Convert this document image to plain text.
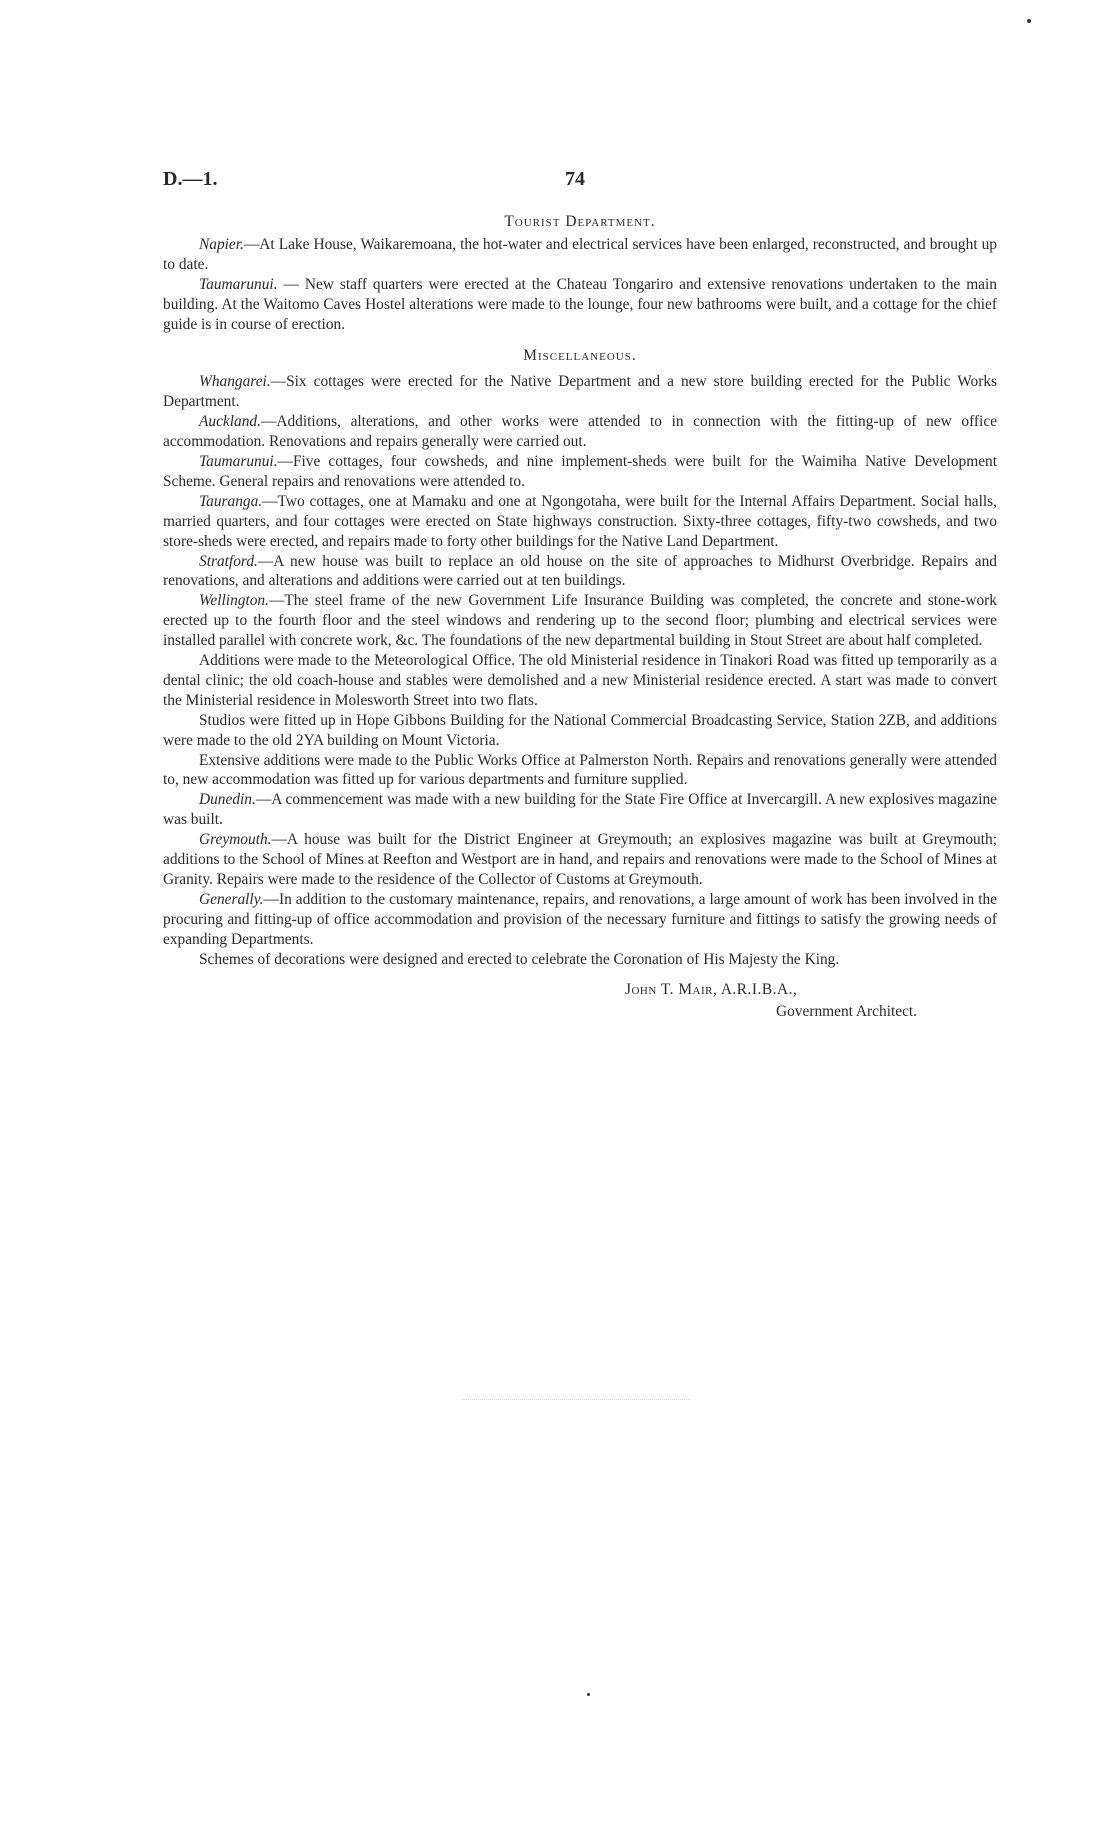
D.—1.	74

Tourist Department.

Napier.—At Lake House, Waikaremoana, the hot-water and electrical services have been enlarged, reconstructed, and brought up to date.

Taumarunui. — New staff quarters were erected at the Chateau Tongariro and extensive renovations undertaken to the main building. At the Waitomo Caves Hostel alterations were made to the lounge, four new bathrooms were built, and a cottage for the chief guide is in course of erection.

Miscellaneous.

Whangarei.—Six cottages were erected for the Native Department and a new store building erected for the Public Works Department.

Auckland.—Additions, alterations, and other works were attended to in connection with the fitting-up of new office accommodation. Renovations and repairs generally were carried out.

Taumarunui.—Five cottages, four cowsheds, and nine implement-sheds were built for the Waimiha Native Development Scheme. General repairs and renovations were attended to.

Tauranga.—Two cottages, one at Mamaku and one at Ngongotaha, were built for the Internal Affairs Department. Social halls, married quarters, and four cottages were erected on State highways construction. Sixty-three cottages, fifty-two cowsheds, and two store-sheds were erected, and repairs made to forty other buildings for the Native Land Department.

Stratford.—A new house was built to replace an old house on the site of approaches to Midhurst Overbridge. Repairs and renovations, and alterations and additions were carried out at ten buildings.

Wellington.—The steel frame of the new Government Life Insurance Building was completed, the concrete and stone-work erected up to the fourth floor and the steel windows and rendering up to the second floor; plumbing and electrical services were installed parallel with concrete work, &c. The foundations of the new departmental building in Stout Street are about half completed.

Additions were made to the Meteorological Office. The old Ministerial residence in Tinakori Road was fitted up temporarily as a dental clinic; the old coach-house and stables were demolished and a new Ministerial residence erected. A start was made to convert the Ministerial residence in Molesworth Street into two flats.

Studios were fitted up in Hope Gibbons Building for the National Commercial Broadcasting Service, Station 2ZB, and additions were made to the old 2YA building on Mount Victoria.

Extensive additions were made to the Public Works Office at Palmerston North. Repairs and renovations generally were attended to, new accommodation was fitted up for various departments and furniture supplied.

Dunedin.—A commencement was made with a new building for the State Fire Office at Invercargill. A new explosives magazine was built.

Greymouth.—A house was built for the District Engineer at Greymouth; an explosives magazine was built at Greymouth; additions to the School of Mines at Reefton and Westport are in hand, and repairs and renovations were made to the School of Mines at Granity. Repairs were made to the residence of the Collector of Customs at Greymouth.

Generally.—In addition to the customary maintenance, repairs, and renovations, a large amount of work has been involved in the procuring and fitting-up of office accommodation and provision of the necessary furniture and fittings to satisfy the growing needs of expanding Departments.

Schemes of decorations were designed and erected to celebrate the Coronation of His Majesty the King.

John T. Mair, A.R.I.B.A.,
Government Architect.
